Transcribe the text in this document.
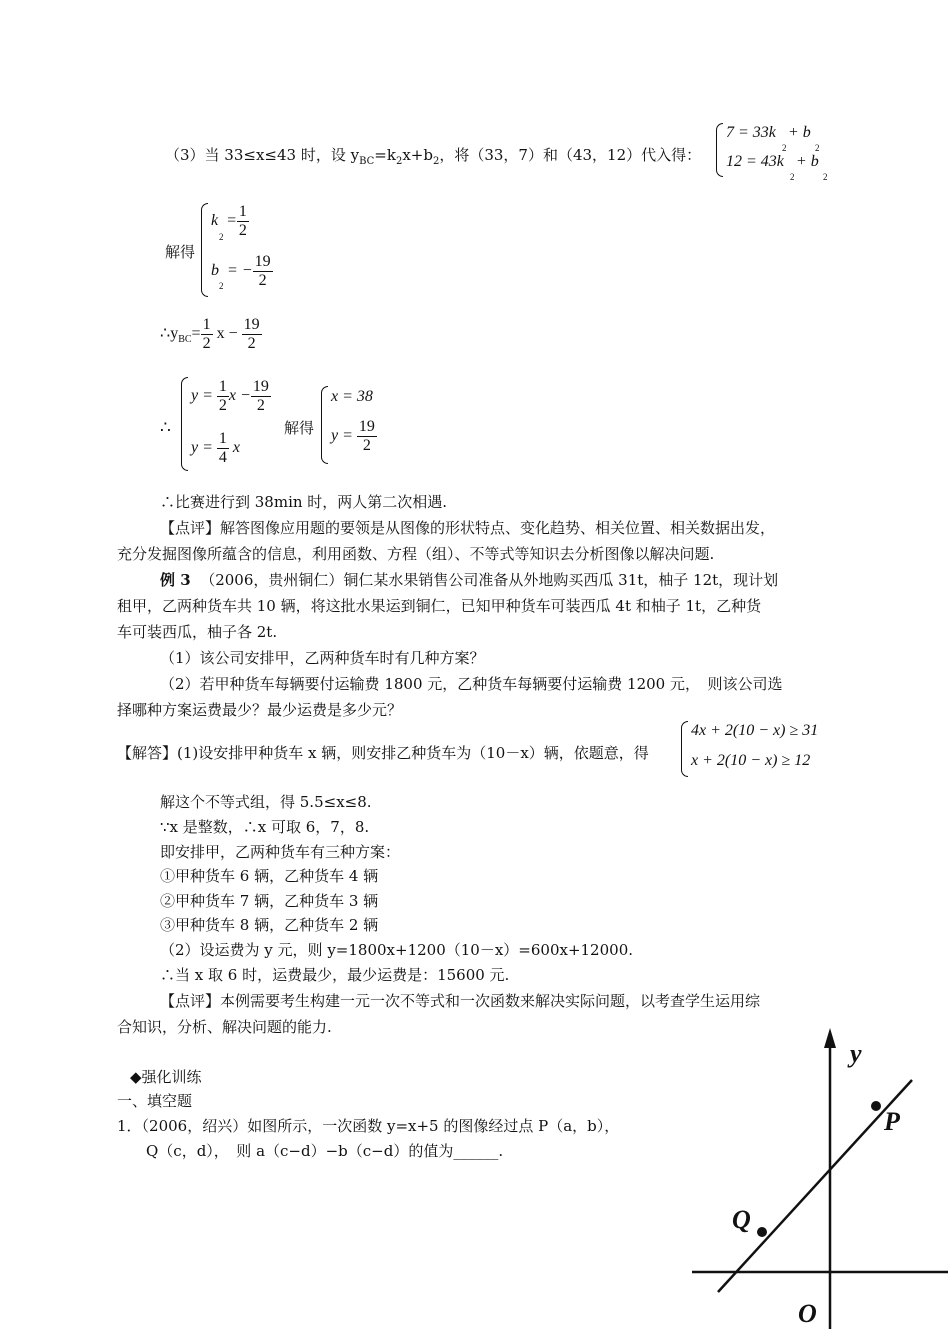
（3）当 33≤x≤43 时，设 $y_{BC}=k_2x+b_2$，将（33，7）和（43，12）代入得：
7 = 33k + b
2	2
12 = 43k + b
2	2
解得
$k = \frac{1}{2}$
2
b = − $\frac{19}{2}$
2
$\therefore y_{BC}= \frac{1}{2}$ $x - \frac{19}{2}$
∴
$y = \frac{1}{2}$ $x - \frac{19}{2}$
$y = \frac{1}{4}$ x
解得
x = 38
$y = \frac{19}{2}$
∴比赛进行到 38min 时，两人第二次相遇.
【点评】解答图像应用题的要领是从图像的形状特点、变化趋势、相关位置、相关数据出发，
充分发掘图像所蕴含的信息，利用函数、方程（组）、不等式等知识去分析图像以解决问题.
例 3 （2006，贵州铜仁）铜仁某水果销售公司准备从外地购买西瓜 31t，柚子 12t，现计划
租甲，乙两种货车共 10 辆，将这批水果运到铜仁，已知甲种货车可装西瓜 4t 和柚子 1t，乙种货
车可装西瓜，柚子各 2t.
（1）该公司安排甲，乙两种货车时有几种方案？
（2）若甲种货车每辆要付运输费 1800 元，乙种货车每辆要付运输费 1200 元，　则该公司选
择哪种方案运费最少？最少运费是多少元？
【解答】(1)设安排甲种货车 x 辆，则安排乙种货车为（10－x）辆，依题意，得
4x + 2(10 − x) ≥ 31
x + 2(10 − x) ≥ 12
解这个不等式组，得 5.5≤x≤8.
∵x 是整数，∴x 可取 6，7，8.
即安排甲，乙两种货车有三种方案：
①甲种货车 6 辆，乙种货车 4 辆
②甲种货车 7 辆，乙种货车 3 辆
③甲种货车 8 辆，乙种货车 2 辆
（2）设运费为 y 元，则 y=1800x+1200（10－x）=600x+12000.
∴当 x 取 6 时，运费最少，最少运费是：15600 元.
【点评】本例需要考生构建一元一次不等式和一次函数来解决实际问题，以考查学生运用综
合知识，分析、解决问题的能力.
◆强化训练
一、填空题
1．（2006，绍兴）如图所示，一次函数 y=x+5 的图像经过点 P（a，b），
Q（c，d），　则 a（c−d）−b（c−d）的值为______.
y
P
Q
O
